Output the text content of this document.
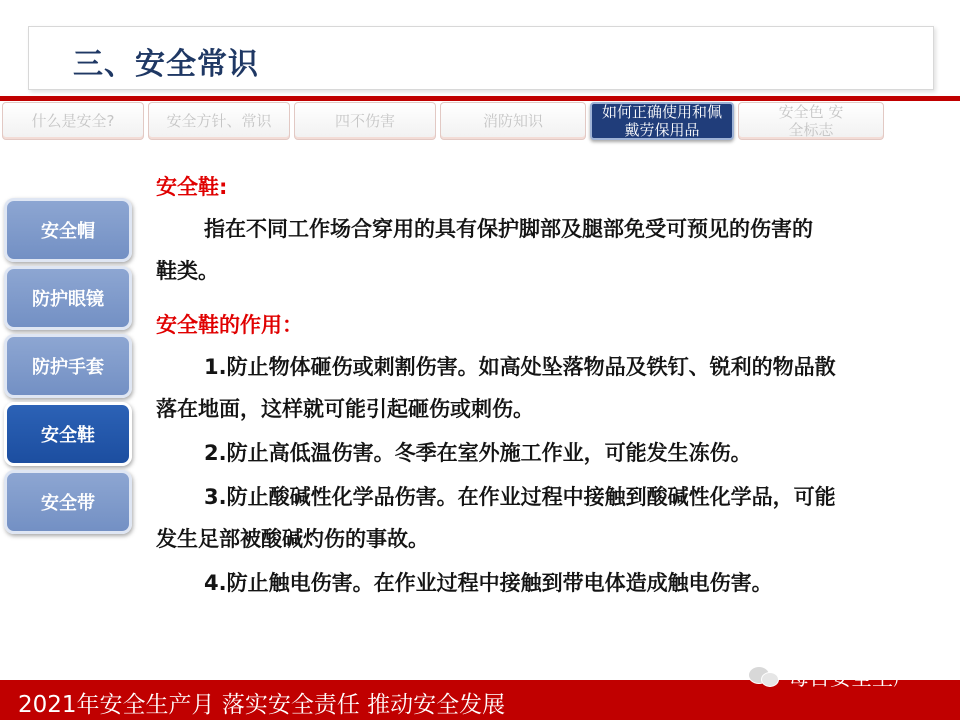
三、安全常识
什么是安全?	安全方针、常识	四不伤害	消防知识	如何正确使用和佩戴劳保用品
安全色 安全标志
安全帽
防护眼镜
防护手套
安全鞋
安全带
安全鞋:
指在不同工作场合穿用的具有保护脚部及腿部免受可预见的伤害的
鞋类。
安全鞋的作用：
1.防止物体砸伤或刺割伤害。如高处坠落物品及铁钉、锐利的物品散
落在地面，这样就可能引起砸伤或刺伤。
2.防止高低温伤害。冬季在室外施工作业，可能发生冻伤。
3.防止酸碱性化学品伤害。在作业过程中接触到酸碱性化学品，可能
发生足部被酸碱灼伤的事故。
4.防止触电伤害。在作业过程中接触到带电体造成触电伤害。
2021年安全生产月 落实安全责任 推动安全发展
每日安全生产
